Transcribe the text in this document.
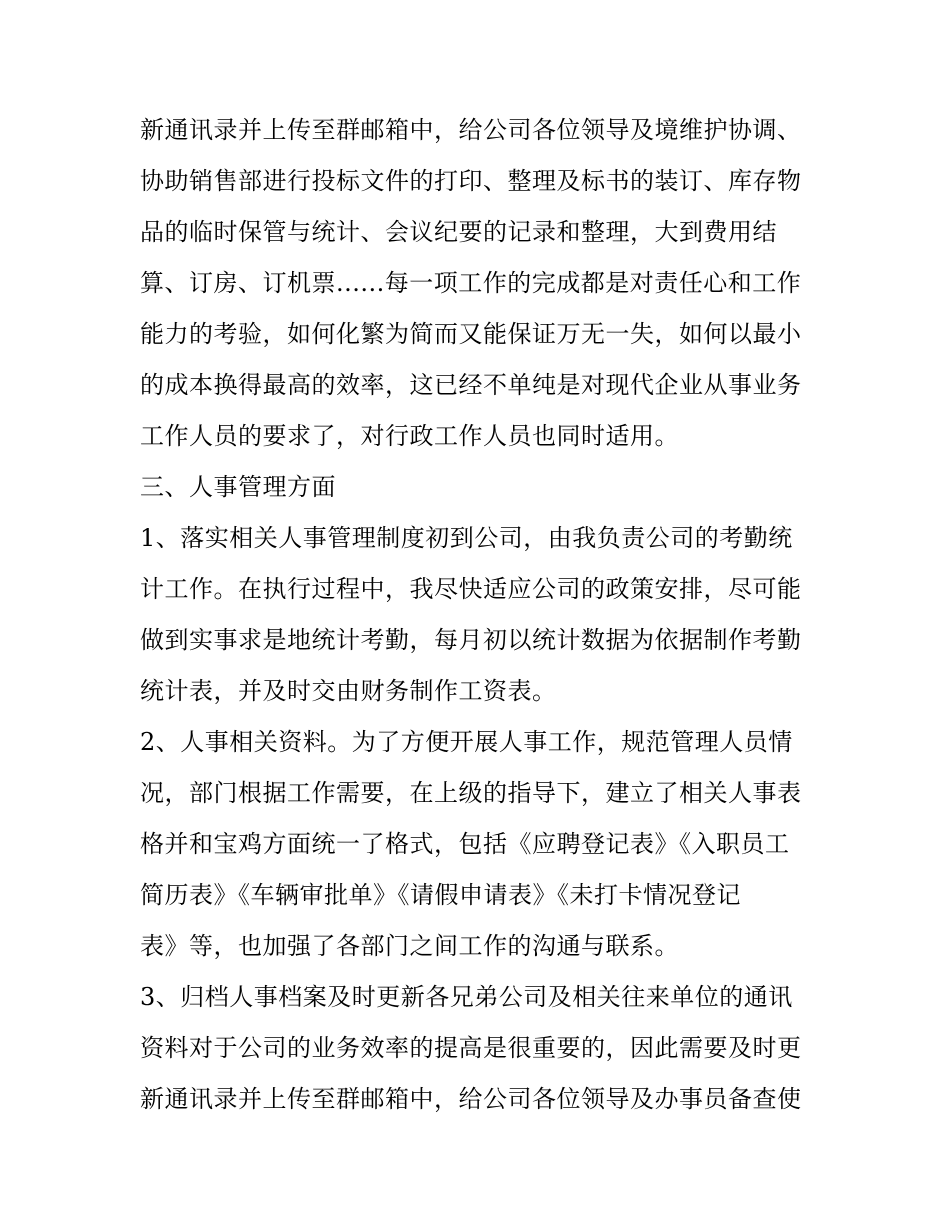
新通讯录并上传至群邮箱中，给公司各位领导及境维护协调、
协助销售部进行投标文件的打印、整理及标书的装订、库存物
品的临时保管与统计、会议纪要的记录和整理，大到费用结
算、订房、订机票......每一项工作的完成都是对责任心和工作
能力的考验，如何化繁为简而又能保证万无一失，如何以最小
的成本换得最高的效率，这已经不单纯是对现代企业从事业务
工作人员的要求了，对行政工作人员也同时适用。
三、人事管理方面
1、落实相关人事管理制度初到公司，由我负责公司的考勤统
计工作。在执行过程中，我尽快适应公司的政策安排，尽可能
做到实事求是地统计考勤，每月初以统计数据为依据制作考勤
统计表，并及时交由财务制作工资表。
2、人事相关资料。为了方便开展人事工作，规范管理人员情
况，部门根据工作需要，在上级的指导下，建立了相关人事表
格并和宝鸡方面统一了格式，包括《应聘登记表》《入职员工
简历表》《车辆审批单》《请假申请表》《未打卡情况登记
表》等，也加强了各部门之间工作的沟通与联系。
3、归档人事档案及时更新各兄弟公司及相关往来单位的通讯
资料对于公司的业务效率的提高是很重要的，因此需要及时更
新通讯录并上传至群邮箱中，给公司各位领导及办事员备查使
